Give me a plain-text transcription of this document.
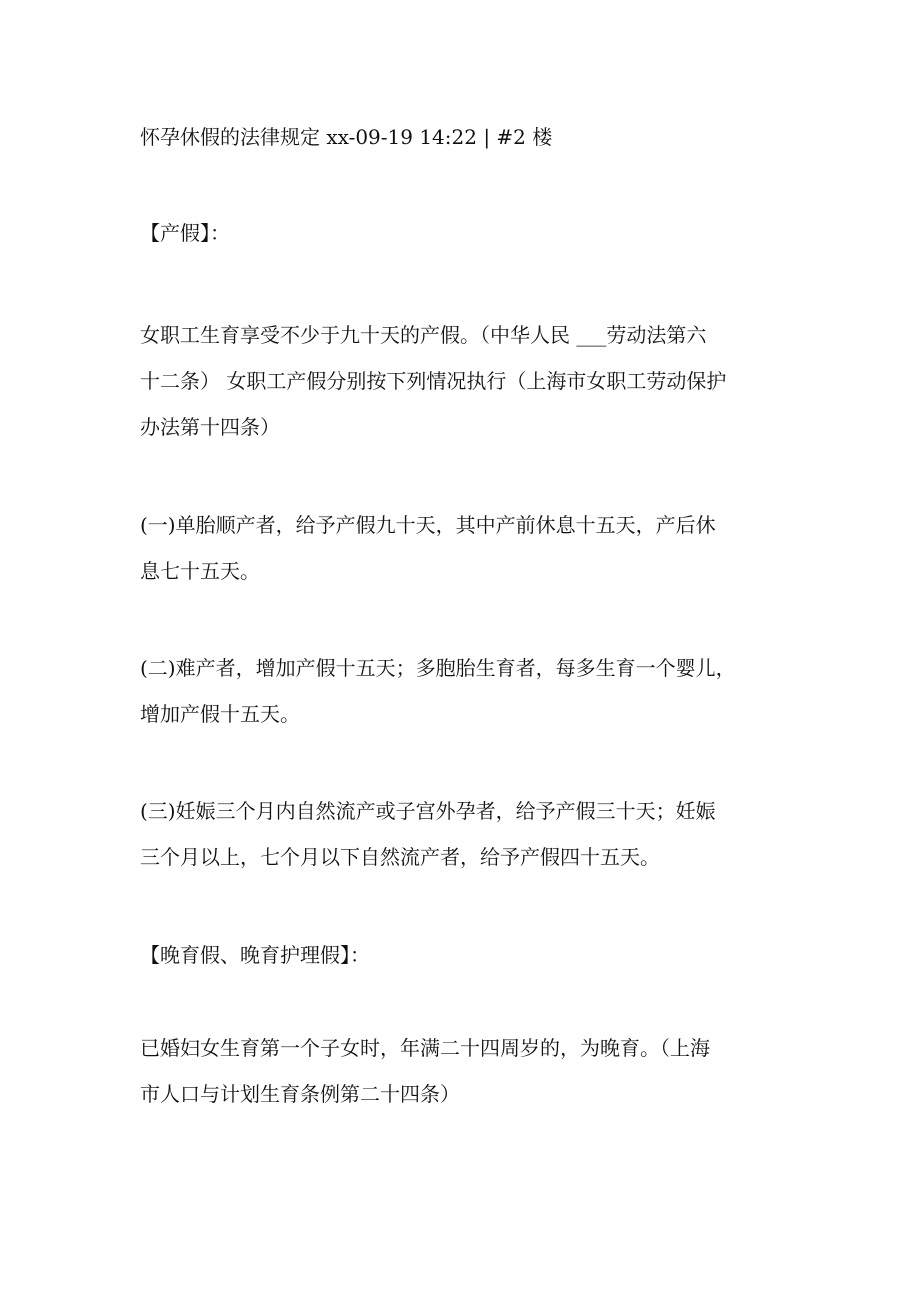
怀孕休假的法律规定 xx-09-19 14:22 | #2 楼

【产假】：

女职工生育享受不少于九十天的产假。（中华人民 ___劳动法第六
十二条） 女职工产假分别按下列情况执行（上海市女职工劳动保护
办法第十四条）

(一)单胎顺产者，给予产假九十天，其中产前休息十五天，产后休
息七十五天。

(二)难产者，增加产假十五天；多胞胎生育者，每多生育一个婴儿，
增加产假十五天。

(三)妊娠三个月内自然流产或子宫外孕者，给予产假三十天；妊娠
三个月以上，七个月以下自然流产者，给予产假四十五天。

【晚育假、晚育护理假】：

已婚妇女生育第一个子女时，年满二十四周岁的，为晚育。（上海
市人口与计划生育条例第二十四条）
